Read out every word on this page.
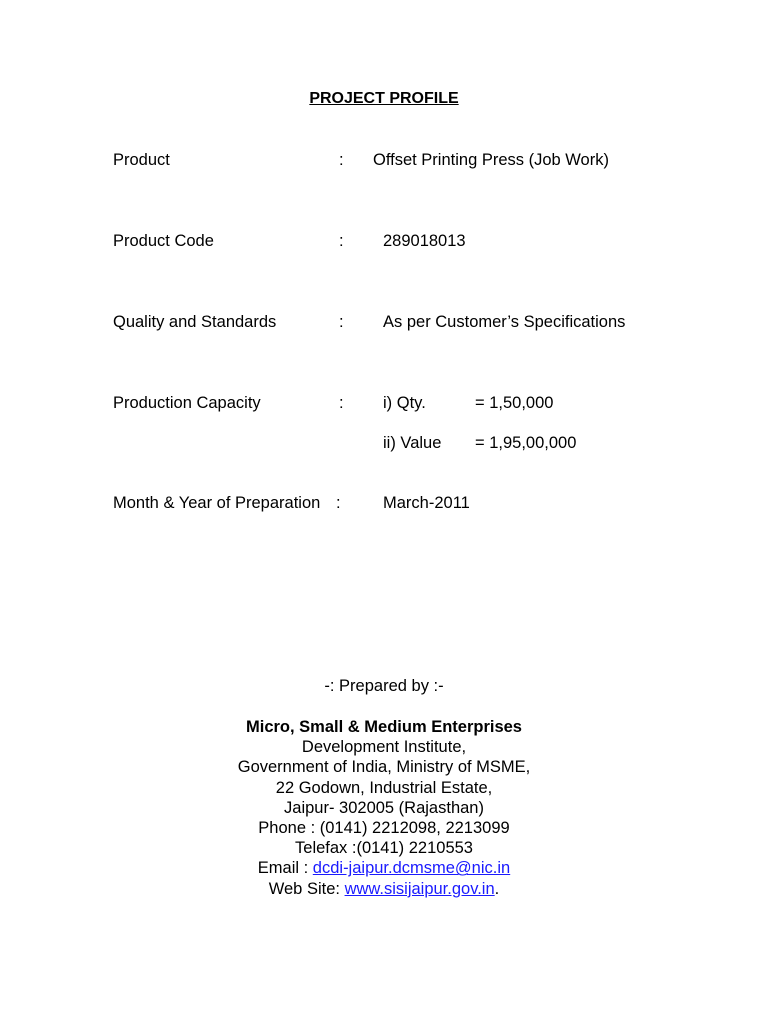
PROJECT PROFILE
Product	: Offset Printing Press (Job Work)
Product Code	: 289018013
Quality and Standards	: As per Customer’s Specifications
Production Capacity	: i) Qty.	= 1,50,000
ii) Value = 1,95,00,000
Month & Year of Preparation :	March-2011
-: Prepared by :-
Micro, Small & Medium Enterprises
Development Institute,
Government of India, Ministry of MSME,
22 Godown, Industrial Estate,
Jaipur- 302005 (Rajasthan)
Phone : (0141) 2212098, 2213099
Telefax :(0141) 2210553
Email : dcdi-jaipur.dcmsme@nic.in
Web Site: www.sisijaipur.gov.in.
